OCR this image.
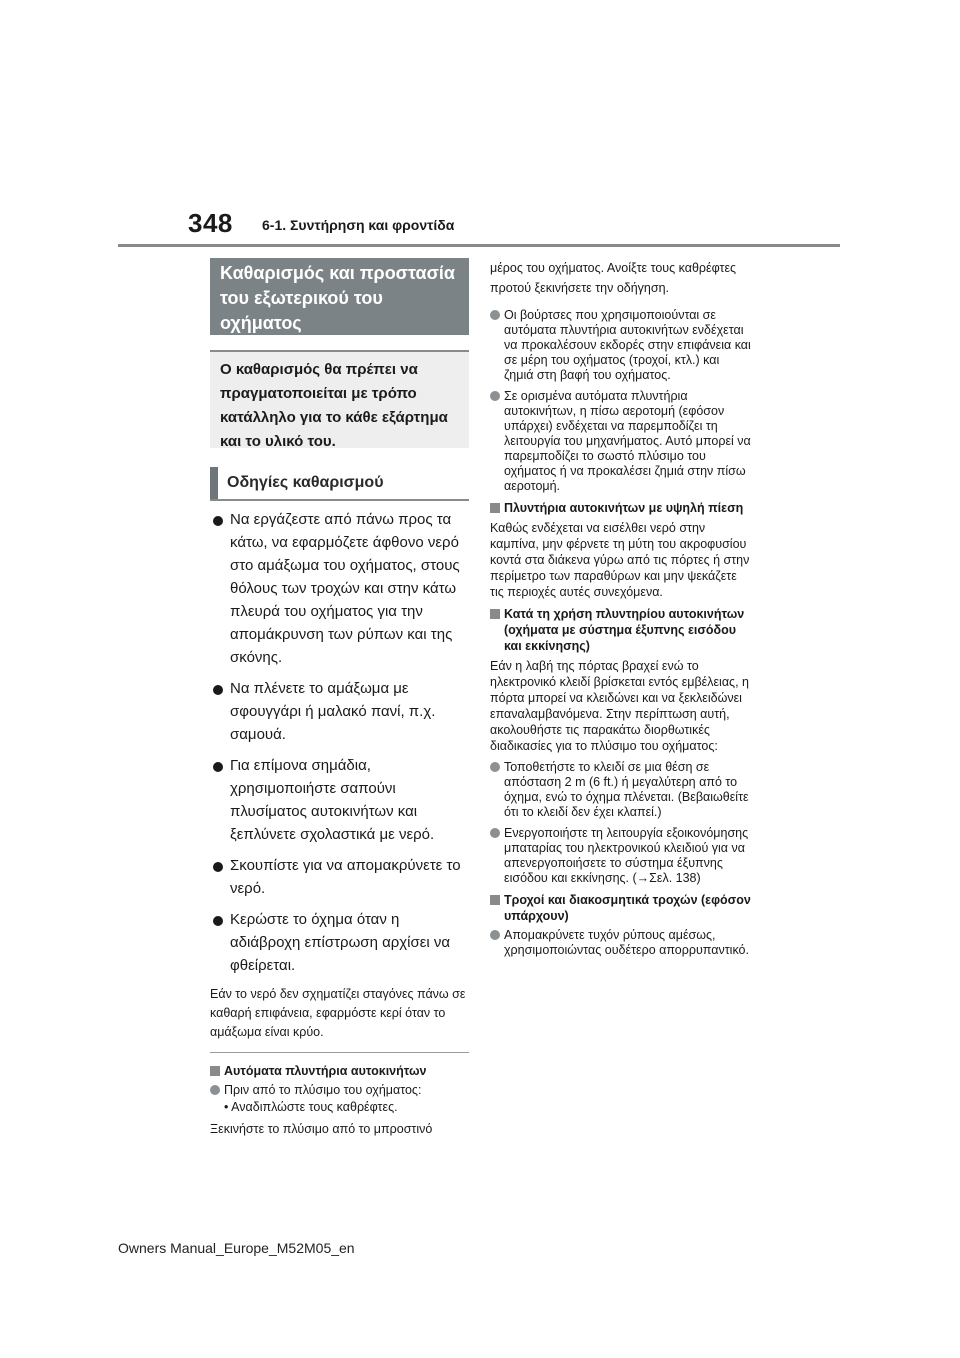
348 6-1. Συντήρηση και φροντίδα
Καθαρισμός και προστασία του εξωτερικού του οχήματος
Ο καθαρισμός θα πρέπει να πραγματοποιείται με τρόπο κατάλληλο για το κάθε εξάρτημα και το υλικό του.
Οδηγίες καθαρισμού
Να εργάζεστε από πάνω προς τα κάτω, να εφαρμόζετε άφθονο νερό στο αμάξωμα του οχήματος, στους θόλους των τροχών και στην κάτω πλευρά του οχήματος για την απομάκρυνση των ρύπων και της σκόνης.
Να πλένετε το αμάξωμα με σφουγγάρι ή μαλακό πανί, π.χ. σαμουά.
Για επίμονα σημάδια, χρησιμοποιήστε σαπούνι πλυσίματος αυτοκινήτων και ξεπλύνετε σχολαστικά με νερό.
Σκουπίστε για να απομακρύνετε το νερό.
Κερώστε το όχημα όταν η αδιάβροχη επίστρωση αρχίσει να φθείρεται.
Εάν το νερό δεν σχηματίζει σταγόνες πάνω σε καθαρή επιφάνεια, εφαρμόστε κερί όταν το αμάξωμα είναι κρύο.
Αυτόματα πλυντήρια αυτοκινήτων
Πριν από το πλύσιμο του οχήματος:
• Αναδιπλώστε τους καθρέφτες.
Ξεκινήστε το πλύσιμο από το μπροστινό
μέρος του οχήματος. Ανοίξτε τους καθρέφτες προτού ξεκινήσετε την οδήγηση.
Οι βούρτσες που χρησιμοποιούνται σε αυτόματα πλυντήρια αυτοκινήτων ενδέχεται να προκαλέσουν εκδορές στην επιφάνεια και σε μέρη του οχήματος (τροχοί, κτλ.) και ζημιά στη βαφή του οχήματος.
Σε ορισμένα αυτόματα πλυντήρια αυτοκινήτων, η πίσω αεροτομή (εφόσον υπάρχει) ενδέχεται να παρεμποδίζει τη λειτουργία του μηχανήματος. Αυτό μπορεί να παρεμποδίζει το σωστό πλύσιμο του οχήματος ή να προκαλέσει ζημιά στην πίσω αεροτομή.
Πλυντήρια αυτοκινήτων με υψηλή πίεση
Καθώς ενδέχεται να εισέλθει νερό στην καμπίνα, μην φέρνετε τη μύτη του ακροφυσίου κοντά στα διάκενα γύρω από τις πόρτες ή στην περίμετρο των παραθύρων και μην ψεκάζετε τις περιοχές αυτές συνεχόμενα.
Κατά τη χρήση πλυντηρίου αυτοκινήτων (οχήματα με σύστημα έξυπνης εισόδου και εκκίνησης)
Εάν η λαβή της πόρτας βραχεί ενώ το ηλεκτρονικό κλειδί βρίσκεται εντός εμβέλειας, η πόρτα μπορεί να κλειδώνει και να ξεκλειδώνει επαναλαμβανόμενα. Στην περίπτωση αυτή, ακολουθήστε τις παρακάτω διορθωτικές διαδικασίες για το πλύσιμο του οχήματος:
Τοποθετήστε το κλειδί σε μια θέση σε απόσταση 2 m (6 ft.) ή μεγαλύτερη από το όχημα, ενώ το όχημα πλένεται. (Βεβαιωθείτε ότι το κλειδί δεν έχει κλαπεί.)
Ενεργοποιήστε τη λειτουργία εξοικονόμησης μπαταρίας του ηλεκτρονικού κλειδιού για να απενεργοποιήσετε το σύστημα έξυπνης εισόδου και εκκίνησης. (→Σελ. 138)
Τροχοί και διακοσμητικά τροχών (εφόσον υπάρχουν)
Απομακρύνετε τυχόν ρύπους αμέσως, χρησιμοποιώντας ουδέτερο απορρυπαντικό.
Owners Manual_Europe_M52M05_en
